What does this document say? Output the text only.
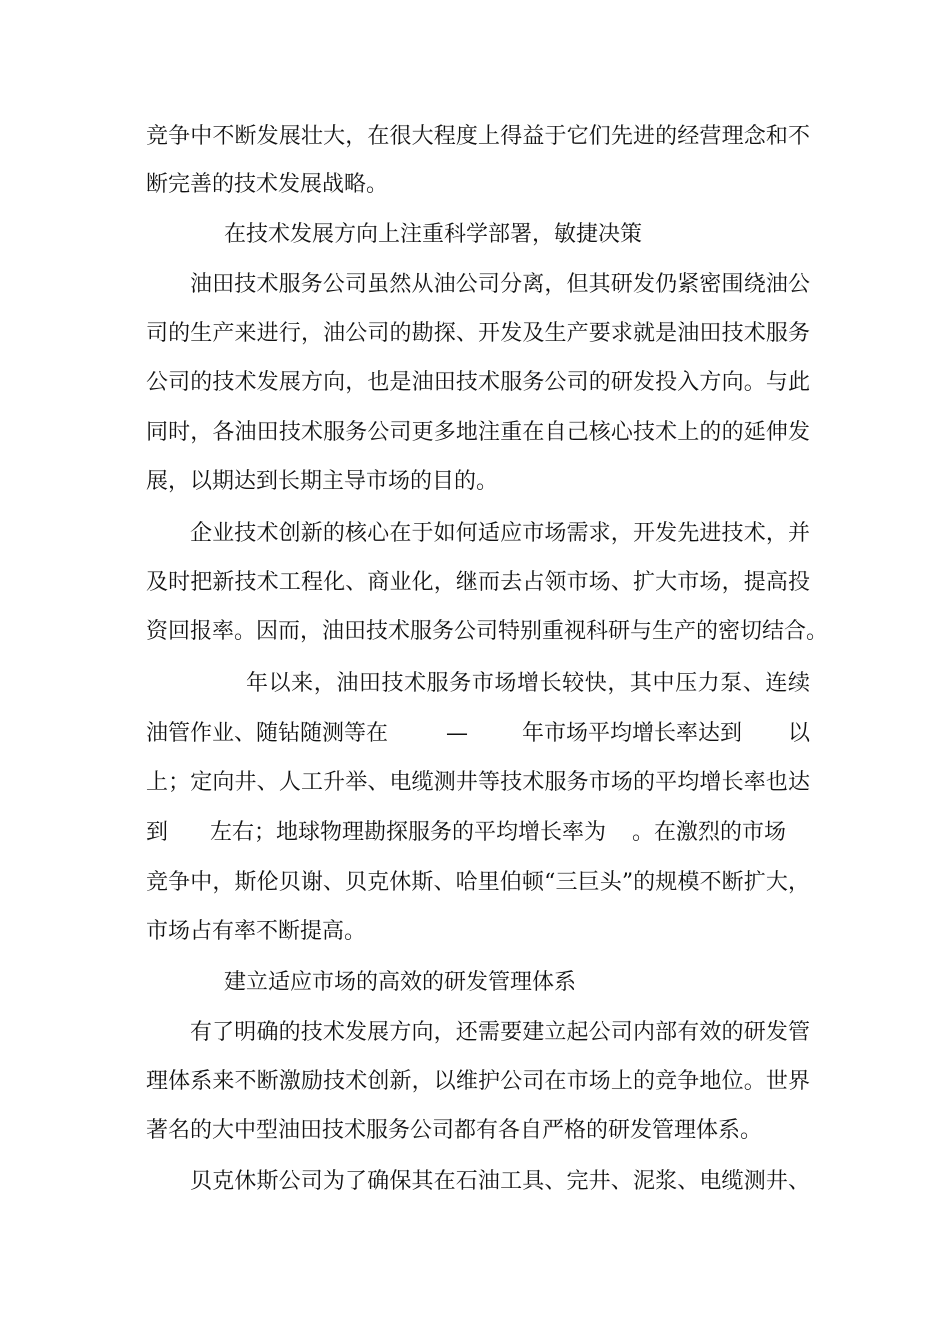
竞争中不断发展壮大，在很大程度上得益于它们先进的经营理念和不
断完善的技术发展战略。
在技术发展方向上注重科学部署，敏捷决策
油田技术服务公司虽然从油公司分离，但其研发仍紧密围绕油公
司的生产来进行，油公司的勘探、开发及生产要求就是油田技术服务
公司的技术发展方向，也是油田技术服务公司的研发投入方向。与此
同时，各油田技术服务公司更多地注重在自己核心技术上的的延伸发
展，以期达到长期主导市场的目的。
企业技术创新的核心在于如何适应市场需求，开发先进技术，并
及时把新技术工程化、商业化，继而去占领市场、扩大市场，提高投
资回报率。因而，油田技术服务公司特别重视科研与生产的密切结合。
年以来，油田技术服务市场增长较快，其中压力泵、连续
油管作业、随钻随测等在	— 年市场平均增长率达到 以
上；定向井、人工升举、电缆测井等技术服务市场的平均增长率也达
到 左右；地球物理勘探服务的平均增长率为 。在激烈的市场
竞争中，斯伦贝谢、贝克休斯、哈里伯顿“三巨头”的规模不断扩大，
市场占有率不断提高。
建立适应市场的高效的研发管理体系
有了明确的技术发展方向，还需要建立起公司内部有效的研发管
理体系来不断激励技术创新，以维护公司在市场上的竞争地位。世界
著名的大中型油田技术服务公司都有各自严格的研发管理体系。
贝克休斯公司为了确保其在石油工具、完井、泥浆、电缆测井、
